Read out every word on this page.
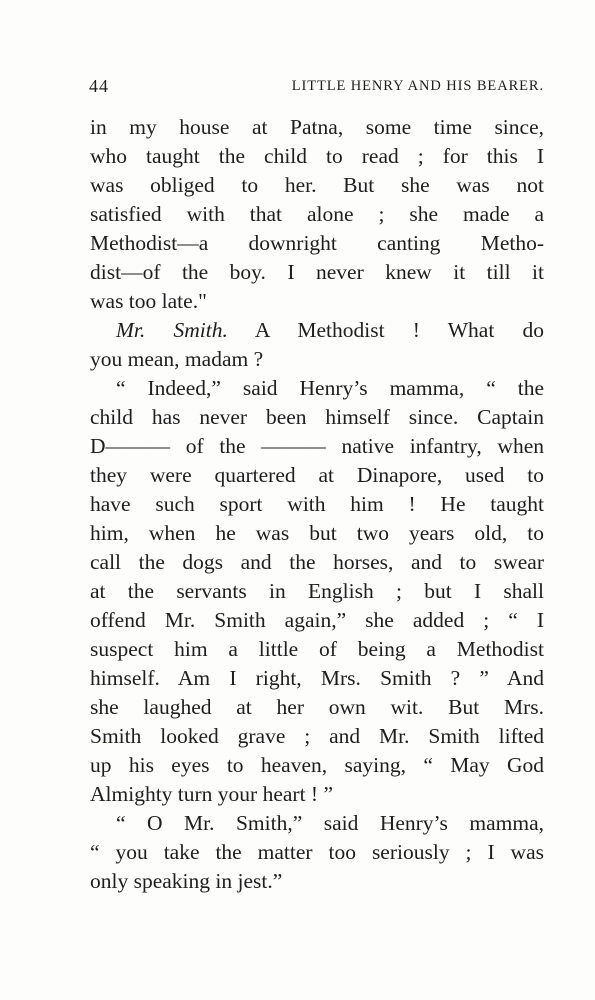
44	LITTLE HENRY AND HIS BEARER.
in my house at Patna, some time since,
who taught the child to read ; for this I
was obliged to her. But she was not
satisfied with that alone ; she made a
Methodist—a downright canting Metho-
dist—of the boy. I never knew it till it
was too late."
Mr. Smith. A Methodist ! What do
you mean, madam ?
“ Indeed,” said Henry’s mamma, “ the
child has never been himself since. Captain
D——— of the ——— native infantry, when
they were quartered at Dinapore, used to
have such sport with him ! He taught
him, when he was but two years old, to
call the dogs and the horses, and to swear
at the servants in English ; but I shall
offend Mr. Smith again,” she added ; “ I
suspect him a little of being a Methodist
himself. Am I right, Mrs. Smith ? ” And
she laughed at her own wit. But Mrs.
Smith looked grave ; and Mr. Smith lifted
up his eyes to heaven, saying, “ May God
Almighty turn your heart ! ”
“ O Mr. Smith,” said Henry’s mamma,
“ you take the matter too seriously ; I was
only speaking in jest.”
